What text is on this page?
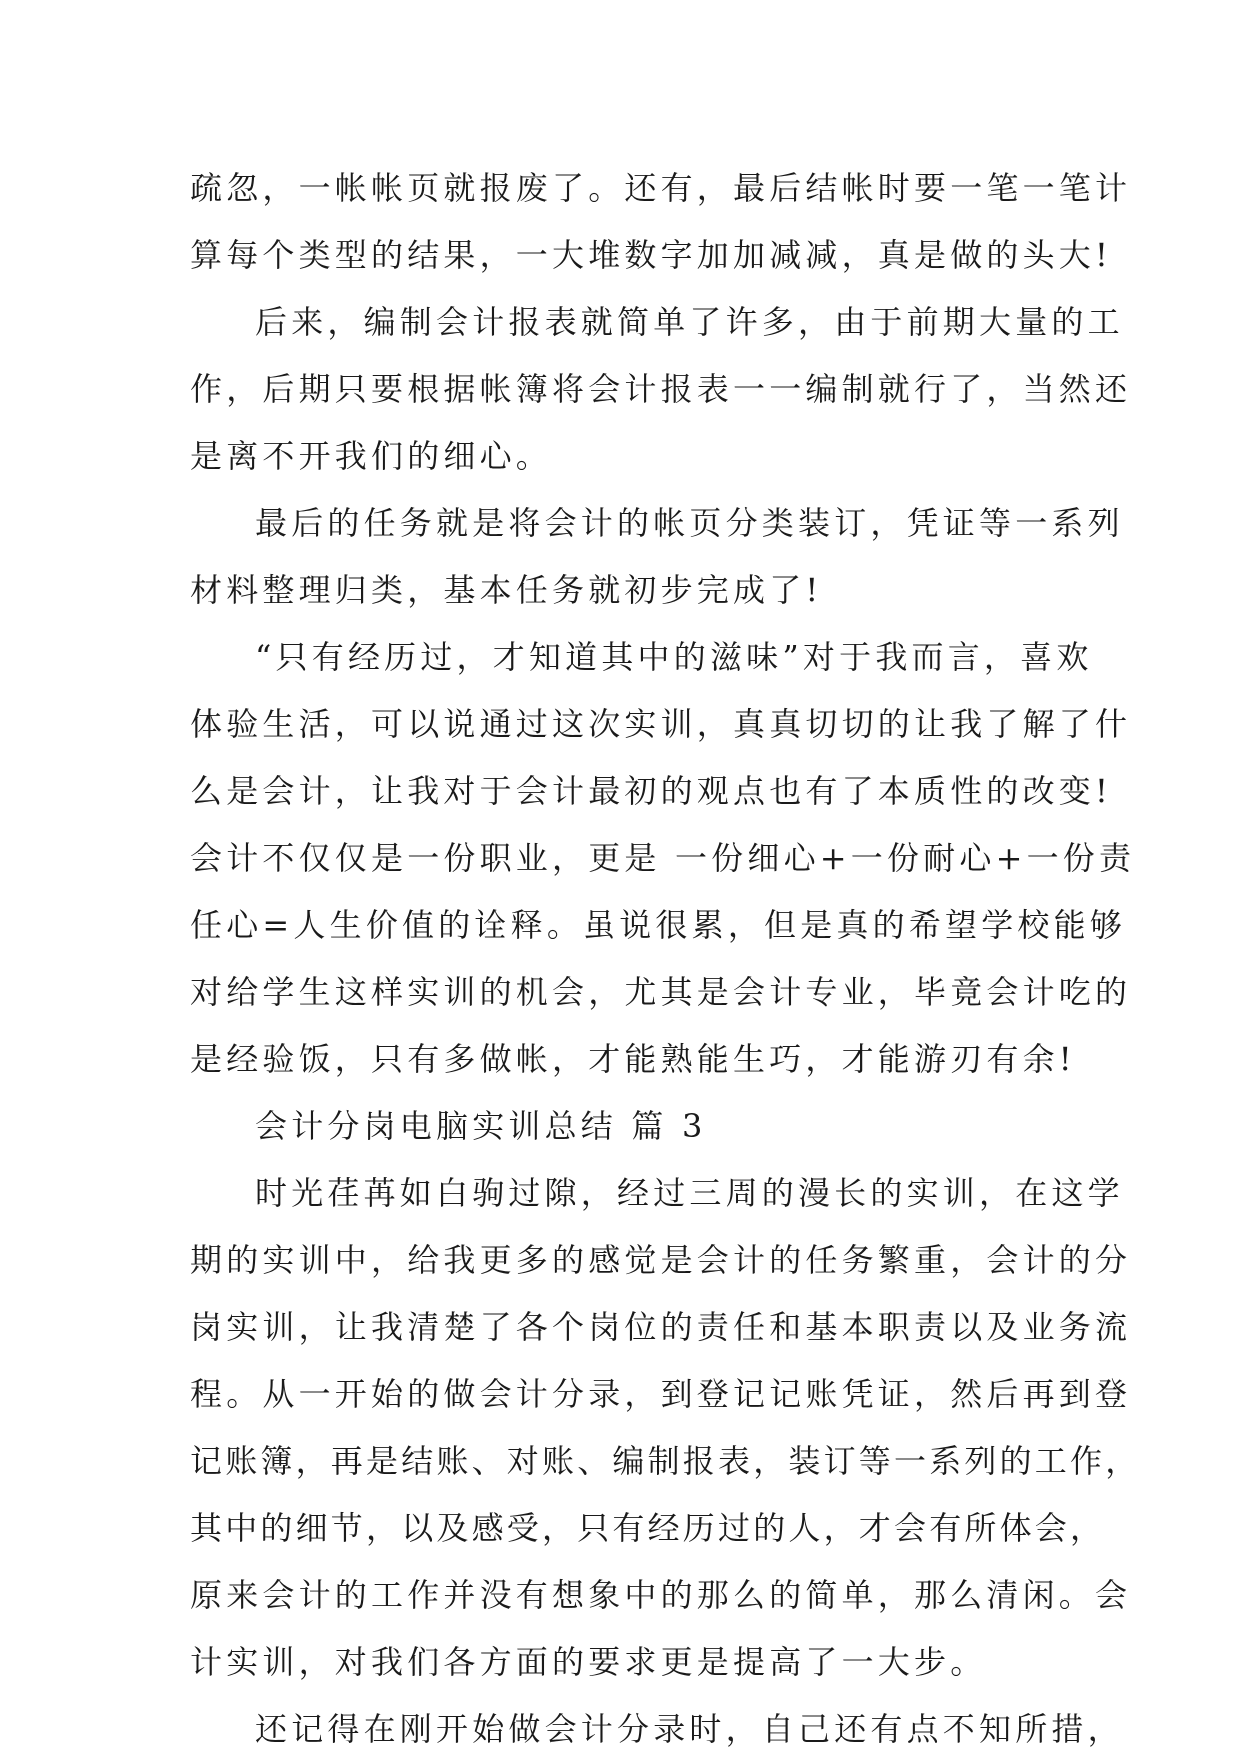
疏忽，一帐帐页就报废了。还有，最后结帐时要一笔一笔计
算每个类型的结果，一大堆数字加加减减，真是做的头大!
后来，编制会计报表就简单了许多，由于前期大量的工
作，后期只要根据帐簿将会计报表一一编制就行了，当然还
是离不开我们的细心。
最后的任务就是将会计的帐页分类装订，凭证等一系列
材料整理归类，基本任务就初步完成了!
“只有经历过，才知道其中的滋味”对于我而言，喜欢
体验生活，可以说通过这次实训，真真切切的让我了解了什
么是会计，让我对于会计最初的观点也有了本质性的改变!
会计不仅仅是一份职业，更是 一份细心+一份耐心+一份责
任心=人生价值的诠释。虽说很累，但是真的希望学校能够
对给学生这样实训的机会，尤其是会计专业，毕竟会计吃的
是经验饭，只有多做帐，才能熟能生巧，才能游刃有余!
会计分岗电脑实训总结 篇 3
时光荏苒如白驹过隙，经过三周的漫长的实训，在这学
期的实训中，给我更多的感觉是会计的任务繁重，会计的分
岗实训，让我清楚了各个岗位的责任和基本职责以及业务流
程。从一开始的做会计分录，到登记记账凭证，然后再到登
记账簿，再是结账、对账、编制报表，装订等一系列的工作，
其中的细节，以及感受，只有经历过的人，才会有所体会，
原来会计的工作并没有想象中的那么的简单，那么清闲。会
计实训，对我们各方面的要求更是提高了一大步。
还记得在刚开始做会计分录时，自己还有点不知所措，
